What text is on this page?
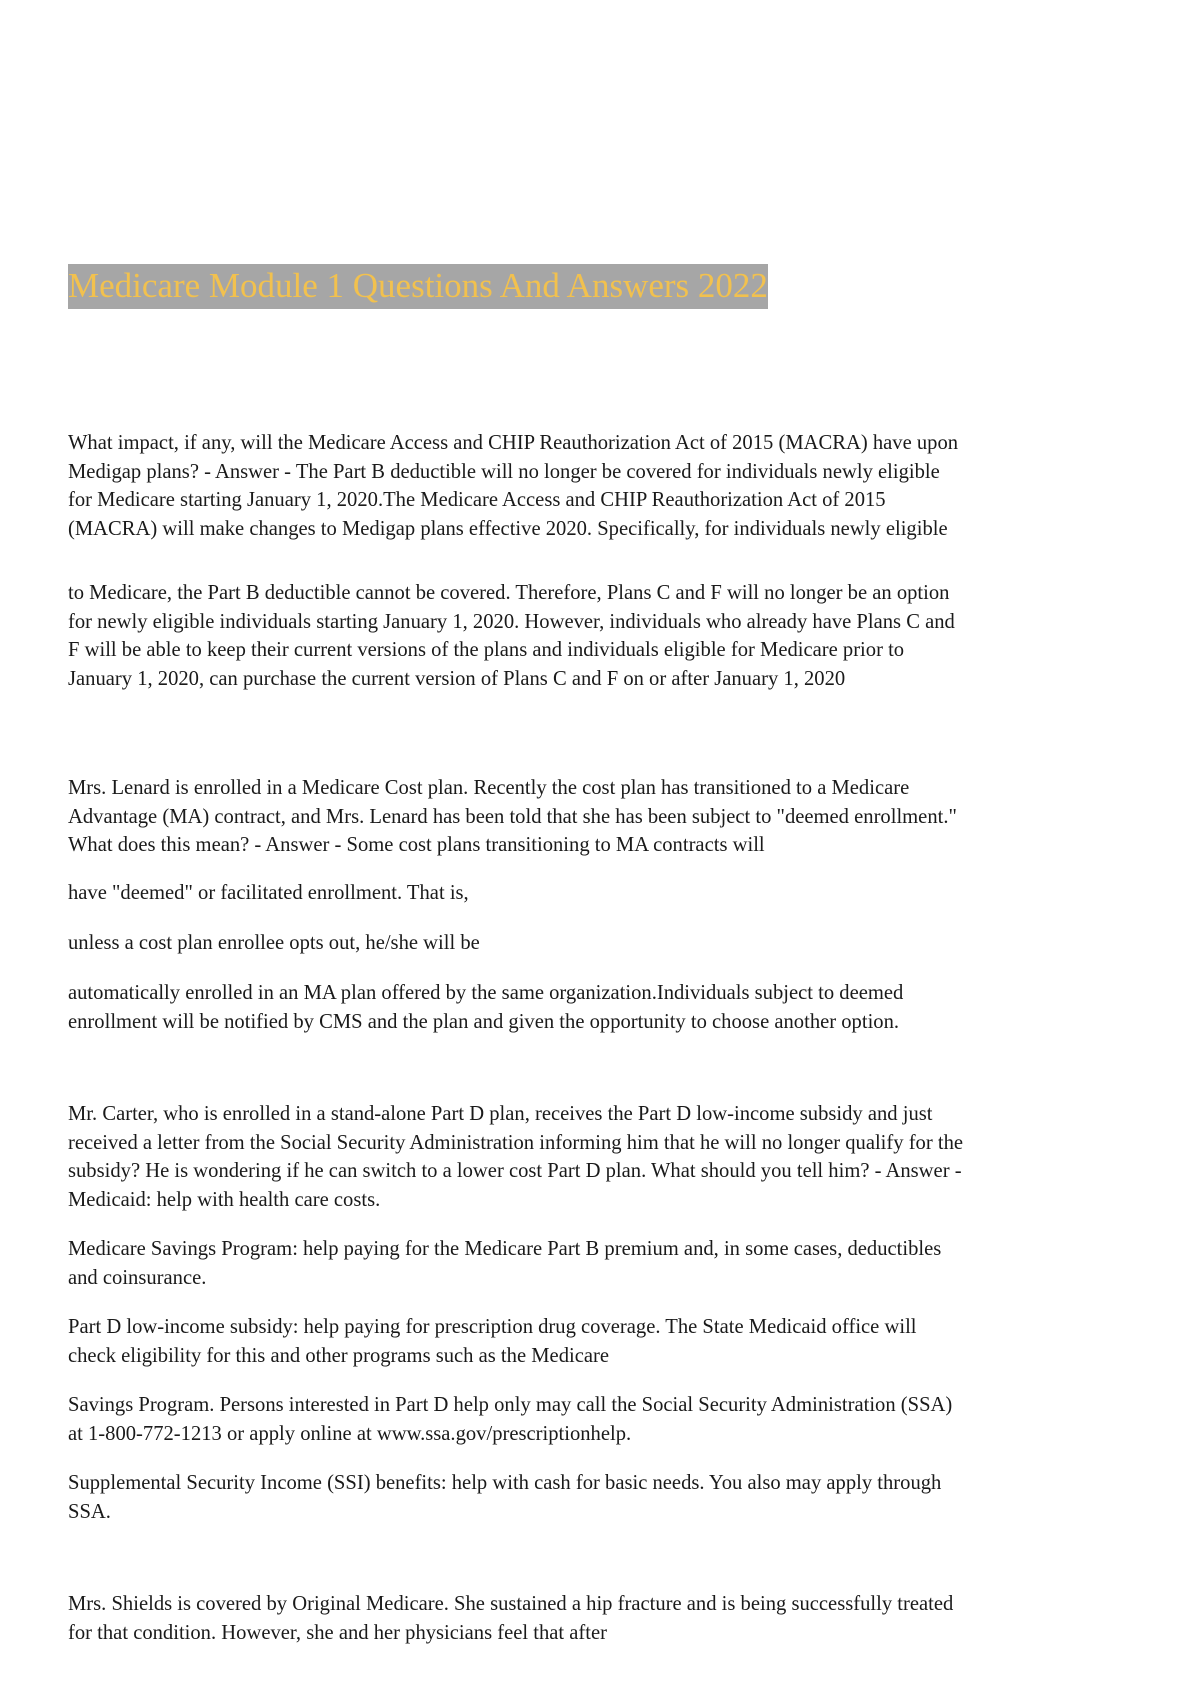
Medicare Module 1 Questions And Answers 2022

What impact, if any, will the Medicare Access and CHIP Reauthorization Act of 2015 (MACRA) have upon
Medigap plans? - Answer - The Part B deductible will no longer be covered for individuals newly eligible
for Medicare starting January 1, 2020.The Medicare Access and CHIP Reauthorization Act of 2015
(MACRA) will make changes to Medigap plans effective 2020. Specifically, for individuals newly eligible

to Medicare, the Part B deductible cannot be covered. Therefore, Plans C and F will no longer be an option
for newly eligible individuals starting January 1, 2020. However, individuals who already have Plans C and
F will be able to keep their current versions of the plans and individuals eligible for Medicare prior to
January 1, 2020, can purchase the current version of Plans C and F on or after January 1, 2020

Mrs. Lenard is enrolled in a Medicare Cost plan. Recently the cost plan has transitioned to a Medicare
Advantage (MA) contract, and Mrs. Lenard has been told that she has been subject to "deemed enrollment."
What does this mean? - Answer - Some cost plans transitioning to MA contracts will

have "deemed" or facilitated enrollment. That is,

unless a cost plan enrollee opts out, he/she will be

automatically enrolled in an MA plan offered by the same organization.Individuals subject to deemed
enrollment will be notified by CMS and the plan and given the opportunity to choose another option.

Mr. Carter, who is enrolled in a stand-alone Part D plan, receives the Part D low-income subsidy and just
received a letter from the Social Security Administration informing him that he will no longer qualify for the
subsidy? He is wondering if he can switch to a lower cost Part D plan. What should you tell him? - Answer -
Medicaid: help with health care costs.

Medicare Savings Program: help paying for the Medicare Part B premium and, in some cases, deductibles
and coinsurance.

Part D low-income subsidy: help paying for prescription drug coverage. The State Medicaid office will
check eligibility for this and other programs such as the Medicare

Savings Program. Persons interested in Part D help only may call the Social Security Administration (SSA)
at 1-800-772-1213 or apply online at www.ssa.gov/prescriptionhelp.

Supplemental Security Income (SSI) benefits: help with cash for basic needs. You also may apply through
SSA.

Mrs. Shields is covered by Original Medicare. She sustained a hip fracture and is being successfully treated
for that condition. However, she and her physicians feel that after
